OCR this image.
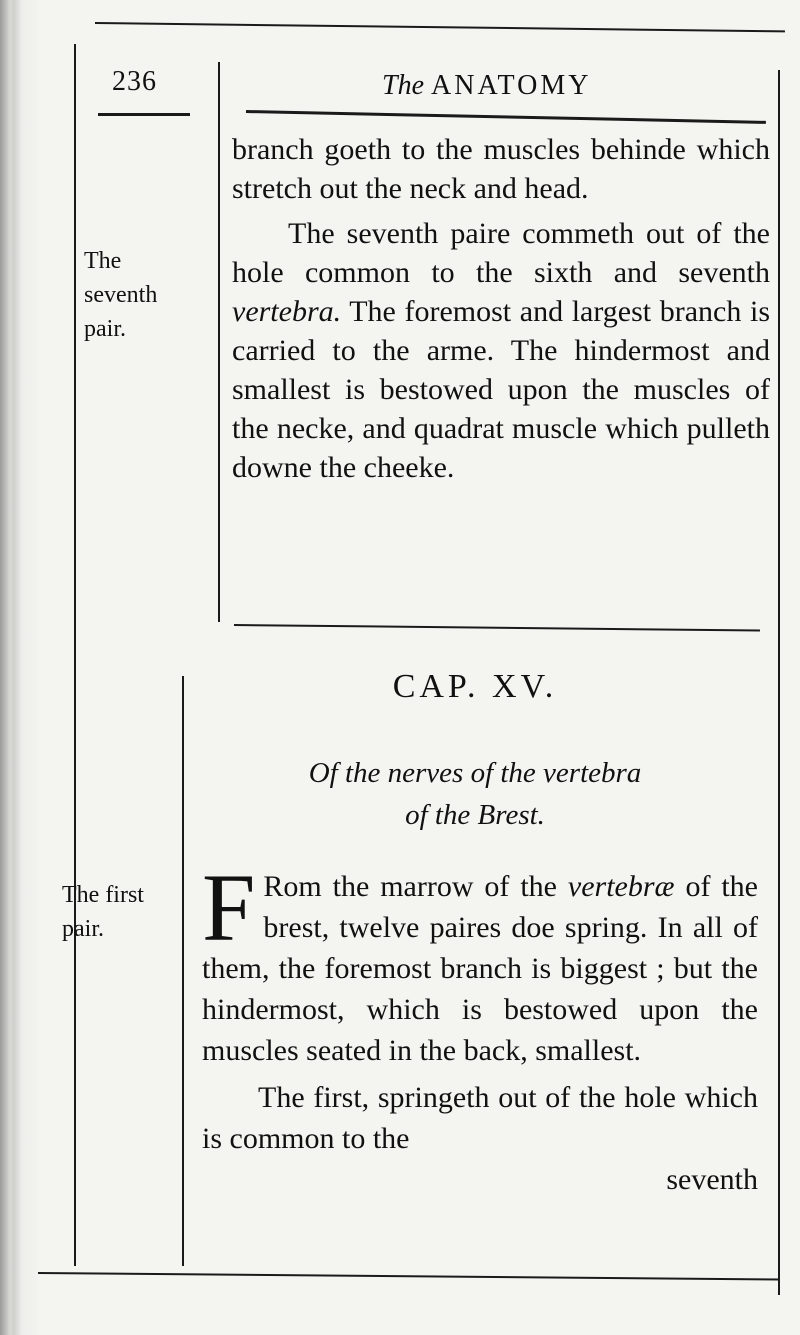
236	The ANATOMY
The
seventh
pair.
The first
pair.

branch goeth to the muscles behinde which stretch out the neck and head.

The seventh paire commeth out of the hole common to the sixth and seventh vertebra. The foremost and largest branch is carried to the arme. The hindermost and smallest is bestowed upon the muscles of the necke, and quadrat muscle which pulleth downe the cheeke.

CAP. XV.
Of the nerves of the vertebra
of the Brest.

F Rom the marrow of the vertebræ of the brest, twelve paires doe spring. In all of them, the foremost branch is biggest ; but the hindermost, which is bestowed upon the muscles seated in the back, smallest.

The first, springeth out of the hole which is common to the

seventh
